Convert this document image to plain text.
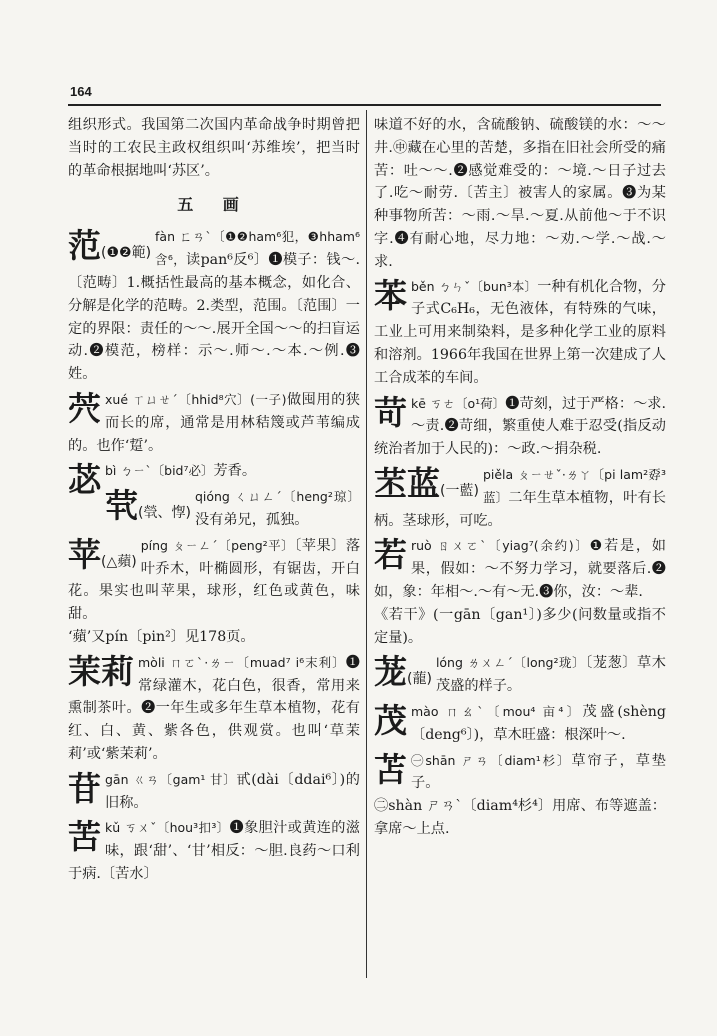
164

组织形式。我国第二次国内革命战争时期曾把当时的工农民主政权组织叫‘苏维埃’，把当时的革命根据地叫‘苏区’。

五 画

范(❶❷範)
fàn ㄈㄢˋ〔❶❷ham⁶犯，❸hham⁶含⁶，读pan⁶反⁶〕❶模子：钱～.〔范畴〕1.概括性最高的基本概念，如化合、分解是化学的范畴。2.类型，范围。〔范围〕一定的界限：责任的～～.展开全国～～的扫盲运动.❷模范，榜样：示～.师～.～本.～例.❸姓。

茓xué ㄒㄩㄝˊ〔hhid⁸穴〕(一子)做囤用的狭而长的席，通常是用林秸篾或芦苇编成的。也作‘踅’。

苾bì ㄅㄧˋ〔bid⁷必〕芳香。

茕(煢、惸)
qióng ㄑㄩㄥˊ〔heng²琼〕没有弟兄，孤独。

苹(△蘋)
píng ㄆㄧㄥˊ〔peng²平〕〔苹果〕落叶乔木，叶椭圆形，有锯齿，开白花。果实也叫苹果，球形，红色或黄色，味甜。

‘蘋’又pín〔pin²〕见178页。

茉莉 mòli ㄇㄛˋ·ㄌㄧ〔muad⁷ i⁶末利〕❶常绿灌木，花白色，很香，常用来熏制茶叶。❷一年生或多年生草本植物，花有红、白、黄、紫各色，供观赏。也叫‘草茉莉’或‘紫茉莉’。

苷gān ㄍㄢ〔gam¹ 甘〕甙(dài〔ddai⁶〕)的旧称。

苦kǔ ㄎㄨˇ〔hou³扣³〕❶象胆汁或黄连的滋味，跟‘甜’、‘甘’相反：～胆.良药～口利于病.〔苦水〕

味道不好的水，含硫酸钠、硫酸镁的水：～～井.㊥藏在心里的苦楚，多指在旧社会所受的痛苦：吐～～.❷感觉难受的：～境.～日子过去了.吃～耐劳.〔苦主〕被害人的家属。❸为某种事物所苦：～雨.～旱.～夏.从前他～于不识字.❹有耐心地，尽力地：～劝.～学.～战.～求.

苯běn ㄅㄣˇ〔bun³本〕一种有机化合物，分子式C₆H₆，无色液体，有特殊的气味，工业上可用来制染料，是多种化学工业的原料和溶剂。1966年我国在世界上第一次建成了人工合成苯的车间。

苛kē ㄎㄜ〔o¹荷〕❶苛刻，过于严格：～求.～责.❷苛细，繁重使人难于忍受(指反动统治者加于人民的)：～政.～捐杂税.

苤蓝(一藍)
piěla ㄆㄧㄝˇ·ㄌㄚ〔pi lam²孬³蓝〕二年生草本植物，叶有长柄。茎球形，可吃。

若ruò ㄖㄨㄛˋ〔yiag⁷(余约)〕❶若是，如果，假如：～不努力学习，就要落后.❷如，象：年相～.～有～无.❸你，汝：～辈.

《若干》(一gān〔gan¹〕)多少(问数量或指不定量)。

茏(蘢)
lóng ㄌㄨㄥˊ〔long²珑〕〔茏葱〕草木茂盛的样子。

茂mào ㄇㄠˋ〔mou⁴ 亩⁴〕茂盛(shèng〔deng⁶〕)，草木旺盛：根深叶～.

苫 ㊀shān ㄕㄢ〔diam¹杉〕草帘子，草垫子。

㊁shàn ㄕㄢˋ〔diam⁴杉⁴〕用席、布等遮盖：拿席～上点.
